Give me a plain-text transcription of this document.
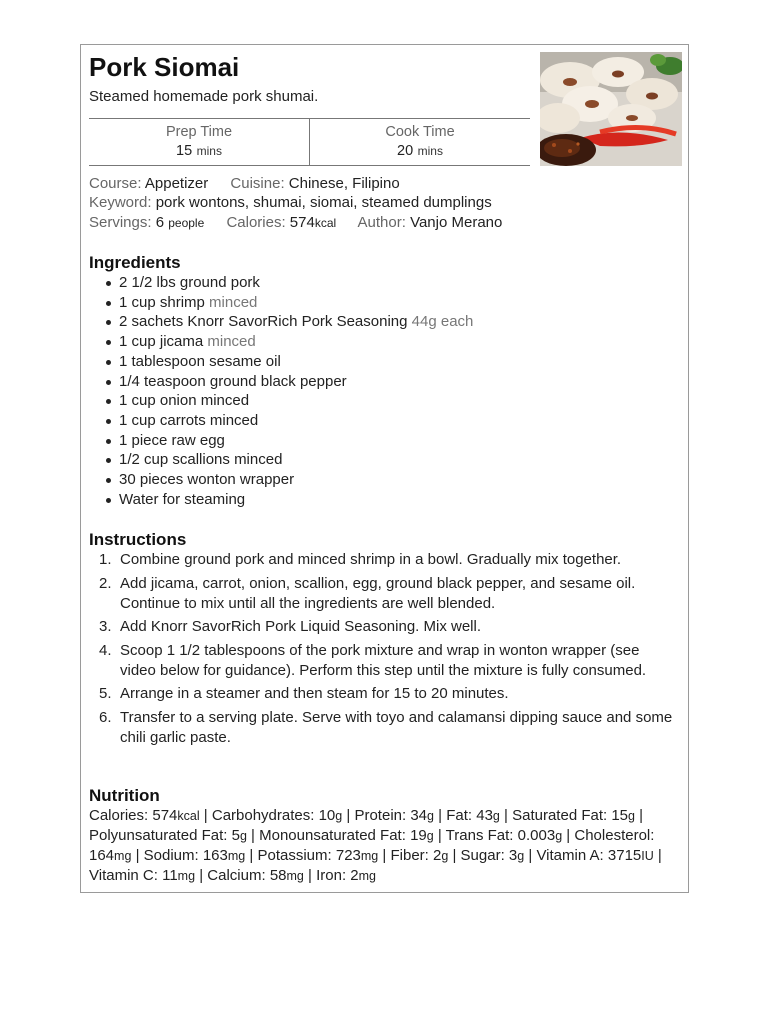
Pork Siomai
Steamed homemade pork shumai.
Prep Time
15 mins
Cook Time
20 mins
Course: Appetizer Cuisine: Chinese, Filipino
Keyword: pork wontons, shumai, siomai, steamed dumplings
Servings: 6 people Calories: 574kcal Author: Vanjo Merano
Ingredients
2 1/2 lbs ground pork
1 cup shrimp minced
2 sachets Knorr SavorRich Pork Seasoning 44g each
1 cup jicama minced
1 tablespoon sesame oil
1/4 teaspoon ground black pepper
1 cup onion minced
1 cup carrots minced
1 piece raw egg
1/2 cup scallions minced
30 pieces wonton wrapper
Water for steaming
Instructions
1. Combine ground pork and minced shrimp in a bowl. Gradually mix together.
2. Add jicama, carrot, onion, scallion, egg, ground black pepper, and sesame oil. Continue to mix until all the ingredients are well blended.
3. Add Knorr SavorRich Pork Liquid Seasoning. Mix well.
4. Scoop 1 1/2 tablespoons of the pork mixture and wrap in wonton wrapper (see video below for guidance). Perform this step until the mixture is fully consumed.
5. Arrange in a steamer and then steam for 15 to 20 minutes.
6. Transfer to a serving plate. Serve with toyo and calamansi dipping sauce and some chili garlic paste.
Nutrition
Calories: 574kcal | Carbohydrates: 10g | Protein: 34g | Fat: 43g | Saturated Fat: 15g | Polyunsaturated Fat: 5g | Monounsaturated Fat: 19g | Trans Fat: 0.003g | Cholesterol: 164mg | Sodium: 163mg | Potassium: 723mg | Fiber: 2g | Sugar: 3g | Vitamin A: 3715IU | Vitamin C: 11mg | Calcium: 58mg | Iron: 2mg
